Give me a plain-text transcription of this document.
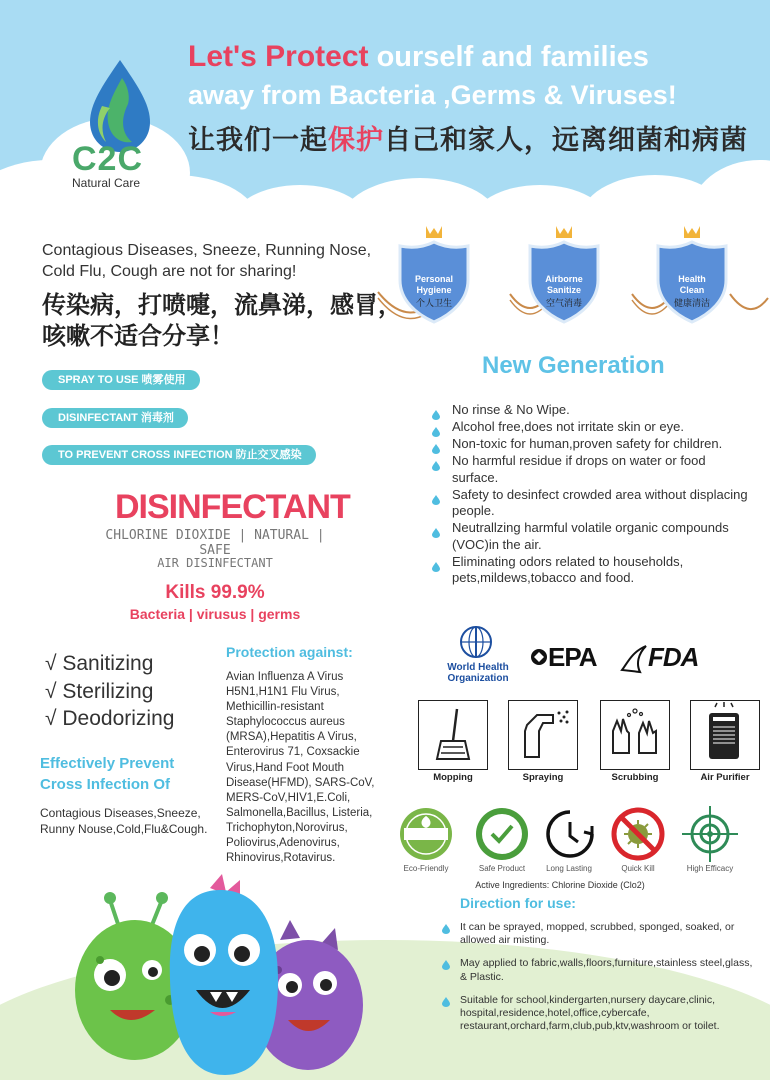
C2C
Natural Care
Let's Protect ourself and families
away from Bacteria ,Germs & Viruses!
让我们一起保护自己和家人，远离细菌和病菌
Contagious Diseases, Sneeze, Running Nose, Cold Flu, Cough are not for sharing!
传染病，打喷嚏，流鼻涕，感冒，咳嗽不适合分享！
SPRAY TO USE 喷雾使用
DISINFECTANT 消毒剂
TO PREVENT CROSS INFECTION 防止交叉感染
DISINFECTANT
CHLORINE DIOXIDE | NATURAL | SAFE
AIR DISINFECTANT
Kills 99.9%
Bacteria | virusus | germs
√ Sanitizing
√ Sterilizing
√ Deodorizing
Effectively Prevent Cross Infection Of
Contagious Diseases,Sneeze, Runny Nouse,Cold,Flu&Cough.
Protection against:
Avian Influenza A Virus H5N1,H1N1 Flu Virus, Methicillin-resistant Staphylococcus aureus (MRSA),Hepatitis A Virus, Enterovirus 71, Coxsackie Virus,Hand Foot Mouth Disease(HFMD), SARS-CoV, MERS-CoV,HIV1,E.Coli, Salmonella,Bacillus, Listeria, Trichophyton,Norovirus, Poliovirus,Adenovirus, Rhinovirus,Rotavirus.
Personal
Hygiene
个人卫生
Airborne
Sanitize
空气消毒
Health
Clean
健康清洁
New Generation
No rinse & No Wipe.
Alcohol free,does not irritate skin or eye.
Non-toxic for human,proven safety for children.
No harmful residue if drops on water or food surface.
Safety to desinfect crowded area without displacing people.
Neutrallzing harmful volatile organic compounds (VOC)in the air.
Eliminating odors related to households, pets,mildews,tobacco and food.
World Health Organization
EPA FDA
Mopping	Spraying	Scrubbing	Air Purifier
Eco-Friendly	Safe Product	Long Lasting	Quick Kill	High Efficacy
Active Ingredients: Chlorine Dioxide (Clo2)
Direction for use:
It can be sprayed, mopped, scrubbed, sponged, soaked, or allowed air misting.
May applied to fabric,walls,floors,furniture,stainless steel,glass, & Plastic.
Suitable for school,kindergarten,nursery daycare,clinic, hospital,residence,hotel,office,cybercafe, restaurant,orchard,farm,club,pub,ktv,washroom or toilet.
